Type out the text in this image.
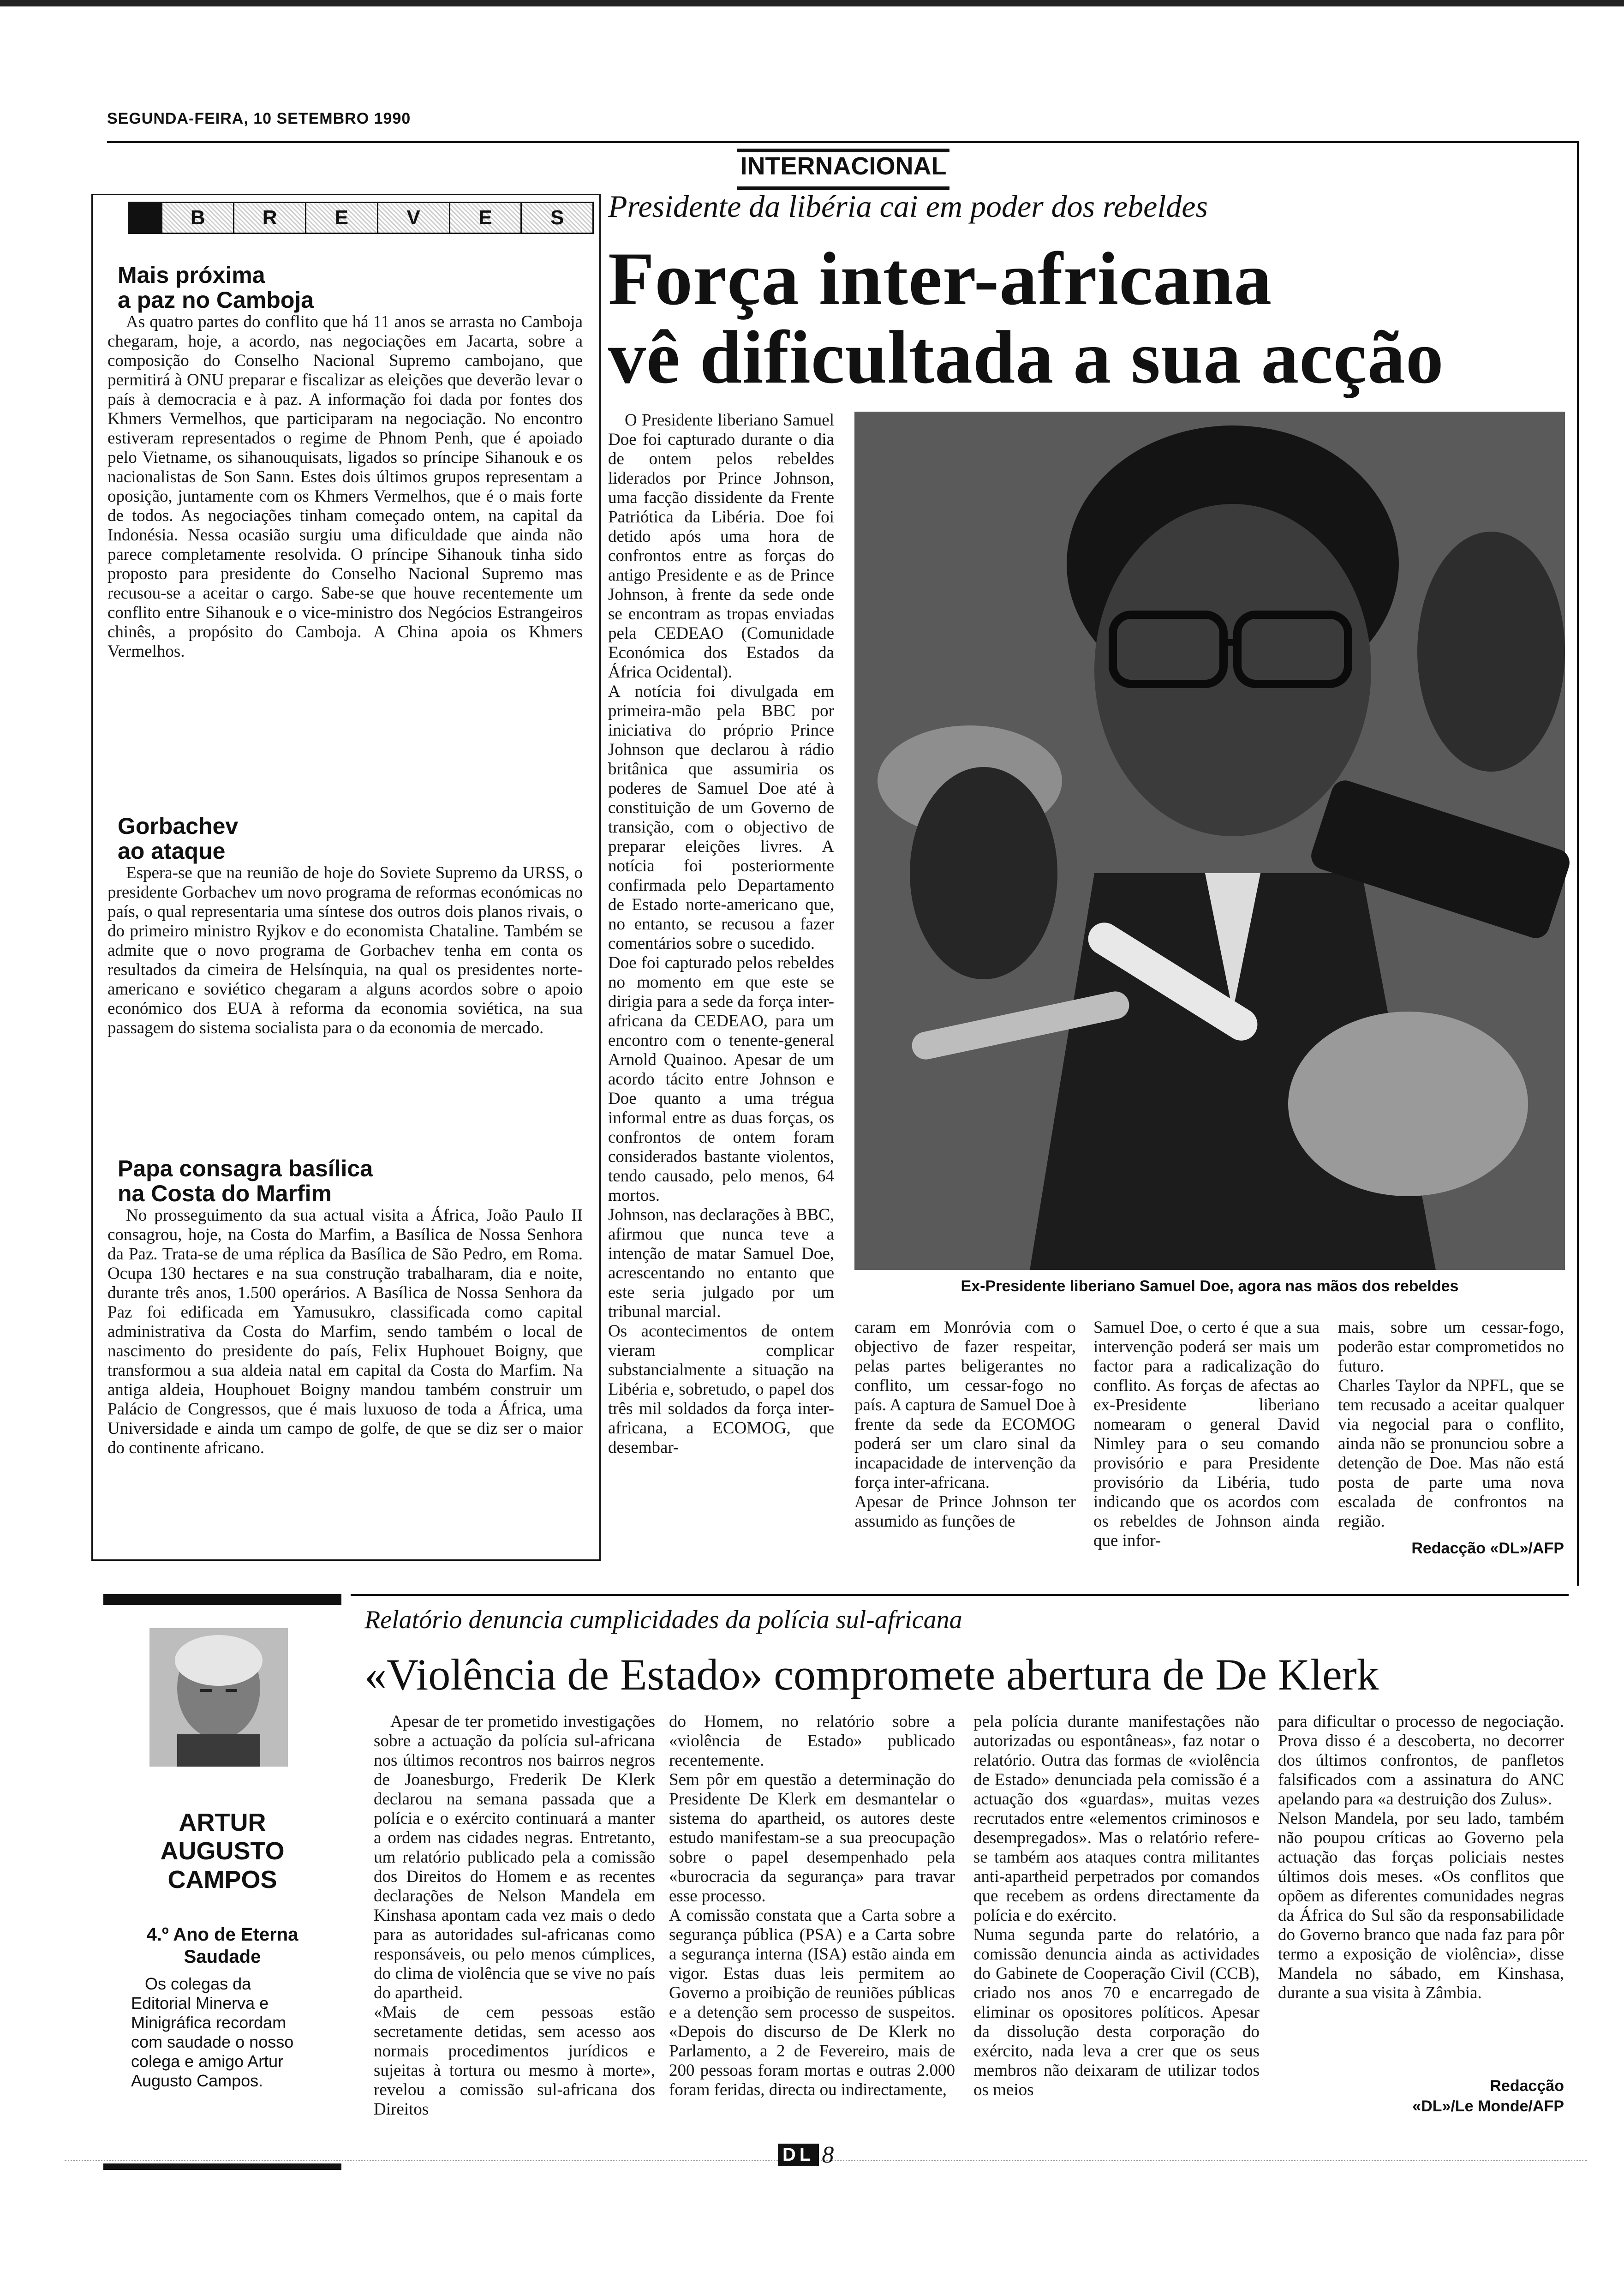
SEGUNDA-FEIRA, 10 SETEMBRO 1990
INTERNACIONAL
B	R	E	V	E	S
Mais próxima
a paz no Camboja

As quatro partes do conflito que há 11 anos se arrasta no Camboja chegaram, hoje, a acordo, nas negociações em Jacarta, sobre a composição do Conselho Nacional Supremo cambojano, que permitirá à ONU preparar e fiscalizar as eleições que deverão levar o país à democracia e à paz. A informação foi dada por fontes dos Khmers Vermelhos, que participaram na negociação. No encontro estiveram representados o regime de Phnom Penh, que é apoiado pelo Vietname, os sihanouquisats, ligados so príncipe Sihanouk e os nacionalistas de Son Sann. Estes dois últimos grupos representam a oposição, juntamente com os Khmers Vermelhos, que é o mais forte de todos. As negociações tinham começado ontem, na capital da Indonésia. Nessa ocasião surgiu uma dificuldade que ainda não parece completamente resolvida. O príncipe Sihanouk tinha sido proposto para presidente do Conselho Nacional Supremo mas recusou-se a aceitar o cargo. Sabe-se que houve recentemente um conflito entre Sihanouk e o vice-ministro dos Negócios Estrangeiros chinês, a propósito do Camboja. A China apoia os Khmers Vermelhos.

Gorbachev
ao ataque

Espera-se que na reunião de hoje do Soviete Supremo da URSS, o presidente Gorbachev um novo programa de reformas económicas no país, o qual representaria uma síntese dos outros dois planos rivais, o do primeiro ministro Ryjkov e do economista Chataline. Também se admite que o novo programa de Gorbachev tenha em conta os resultados da cimeira de Helsínquia, na qual os presidentes norte-americano e soviético chegaram a alguns acordos sobre o apoio económico dos EUA à reforma da economia soviética, na sua passagem do sistema socialista para o da economia de mercado.

Papa consagra basílica
na Costa do Marfim

No prosseguimento da sua actual visita a África, João Paulo II consagrou, hoje, na Costa do Marfim, a Basílica de Nossa Senhora da Paz. Trata-se de uma réplica da Basílica de São Pedro, em Roma. Ocupa 130 hectares e na sua construção trabalharam, dia e noite, durante três anos, 1.500 operários. A Basílica de Nossa Senhora da Paz foi edificada em Yamusukro, classificada como capital administrativa da Costa do Marfim, sendo também o local de nascimento do presidente do país, Felix Huphouet Boigny, que transformou a sua aldeia natal em capital da Costa do Marfim. Na antiga aldeia, Houphouet Boigny mandou também construir um Palácio de Congressos, que é mais luxuoso de toda a África, uma Universidade e ainda um campo de golfe, de que se diz ser o maior do continente africano.

Presidente da libéria cai em poder dos rebeldes
Força inter-africana
vê dificultada a sua acção
O Presidente liberiano Samuel Doe foi capturado durante o dia de ontem pelos rebeldes liderados por Prince Johnson, uma facção dissidente da Frente Patriótica da Libéria. Doe foi detido após uma hora de confrontos entre as forças do antigo Presidente e as de Prince Johnson, à frente da sede onde se encontram as tropas enviadas pela CEDEAO (Comunidade Económica dos Estados da África Ocidental).
A notícia foi divulgada em primeira-mão pela BBC por iniciativa do próprio Prince Johnson que declarou à rádio britânica que assumiria os poderes de Samuel Doe até à constituição de um Governo de transição, com o objectivo de preparar eleições livres. A notícia foi posteriormente confirmada pelo Departamento de Estado norte-americano que, no entanto, se recusou a fazer comentários sobre o sucedido.
Doe foi capturado pelos rebeldes no momento em que este se dirigia para a sede da força inter-africana da CEDEAO, para um encontro com o tenente-general Arnold Quainoo. Apesar de um acordo tácito entre Johnson e Doe quanto a uma trégua informal entre as duas forças, os confrontos de ontem foram considerados bastante violentos, tendo causado, pelo menos, 64 mortos.
Johnson, nas declarações à BBC, afirmou que nunca teve a intenção de matar Samuel Doe, acrescentando no entanto que este seria julgado por um tribunal marcial.
Os acontecimentos de ontem vieram complicar substancialmente a situação na Libéria e, sobretudo, o papel dos três mil soldados da força inter-africana, a ECOMOG, que desembar-
Ex-Presidente liberiano Samuel Doe, agora nas mãos dos rebeldes
caram em Monróvia com o objectivo de fazer respeitar, pelas partes beligerantes no conflito, um cessar-fogo no país. A captura de Samuel Doe à frente da sede da ECOMOG poderá ser um claro sinal da incapacidade de intervenção da força inter-africana.
Apesar de Prince Johnson ter assumido as funções de
Samuel Doe, o certo é que a sua intervenção poderá ser mais um factor para a radicalização do conflito. As forças de afectas ao ex-Presidente liberiano nomearam o general David Nimley para o seu comando provisório e para Presidente provisório da Libéria, tudo indicando que os acordos com os rebeldes de Johnson ainda que infor-
mais, sobre um cessar-fogo, poderão estar comprometidos no futuro.
Charles Taylor da NPFL, que se tem recusado a aceitar qualquer via negocial para o conflito, ainda não se pronunciou sobre a detenção de Doe. Mas não está posta de parte uma nova escalada de confrontos na região.
Redacção «DL»/AFP
ARTUR
AUGUSTO
CAMPOS
4.º Ano de Eterna
Saudade
Os colegas da Editorial Minerva e Minigráfica recordam com saudade o nosso colega e amigo Artur Augusto Campos.
Relatório denuncia cumplicidades da polícia sul-africana
«Violência de Estado» compromete abertura de De Klerk
Apesar de ter prometido investigações sobre a actuação da polícia sul-africana nos últimos recontros nos bairros negros de Joanesburgo, Frederik De Klerk declarou na semana passada que a polícia e o exército continuará a manter a ordem nas cidades negras. Entretanto, um relatório publicado pela a comissão dos Direitos do Homem e as recentes declarações de Nelson Mandela em Kinshasa apontam cada vez mais o dedo para as autoridades sul-africanas como responsáveis, ou pelo menos cúmplices, do clima de violência que se vive no país do apartheid.
«Mais de cem pessoas estão secretamente detidas, sem acesso aos normais procedimentos jurídicos e sujeitas à tortura ou mesmo à morte», revelou a comissão sul-africana dos Direitos
do Homem, no relatório sobre a «violência de Estado» publicado recentemente.
Sem pôr em questão a determinação do Presidente De Klerk em desmantelar o sistema do apartheid, os autores deste estudo manifestam-se a sua preocupação sobre o papel desempenhado pela «burocracia da segurança» para travar esse processo.
A comissão constata que a Carta sobre a segurança pública (PSA) e a Carta sobre a segurança interna (ISA) estão ainda em vigor. Estas duas leis permitem ao Governo a proibição de reuniões públicas e a detenção sem processo de suspeitos. «Depois do discurso de De Klerk no Parlamento, a 2 de Fevereiro, mais de 200 pessoas foram mortas e outras 2.000 foram feridas, directa ou indirectamente,
pela polícia durante manifestações não autorizadas ou espontâneas», faz notar o relatório. Outra das formas de «violência de Estado» denunciada pela comissão é a actuação dos «guardas», muitas vezes recrutados entre «elementos criminosos e desempregados». Mas o relatório refere-se também aos ataques contra militantes anti-apartheid perpetrados por comandos que recebem as ordens directamente da polícia e do exército.
Numa segunda parte do relatório, a comissão denuncia ainda as actividades do Gabinete de Cooperação Civil (CCB), criado nos anos 70 e encarregado de eliminar os opositores políticos. Apesar da dissolução desta corporação do exército, nada leva a crer que os seus membros não deixaram de utilizar todos os meios
para dificultar o processo de negociação. Prova disso é a descoberta, no decorrer dos últimos confrontos, de panfletos falsificados com a assinatura do ANC apelando para «a destruição dos Zulus».
Nelson Mandela, por seu lado, também não poupou críticas ao Governo pela actuação das forças policiais nestes últimos dois meses. «Os conflitos que opõem as diferentes comunidades negras da África do Sul são da responsabilidade do Governo branco que nada faz para pôr termo a exposição de violência», disse Mandela no sábado, em Kinshasa, durante a sua visita à Zâmbia.
Redacção
«DL»/Le Monde/AFP
DL 8
